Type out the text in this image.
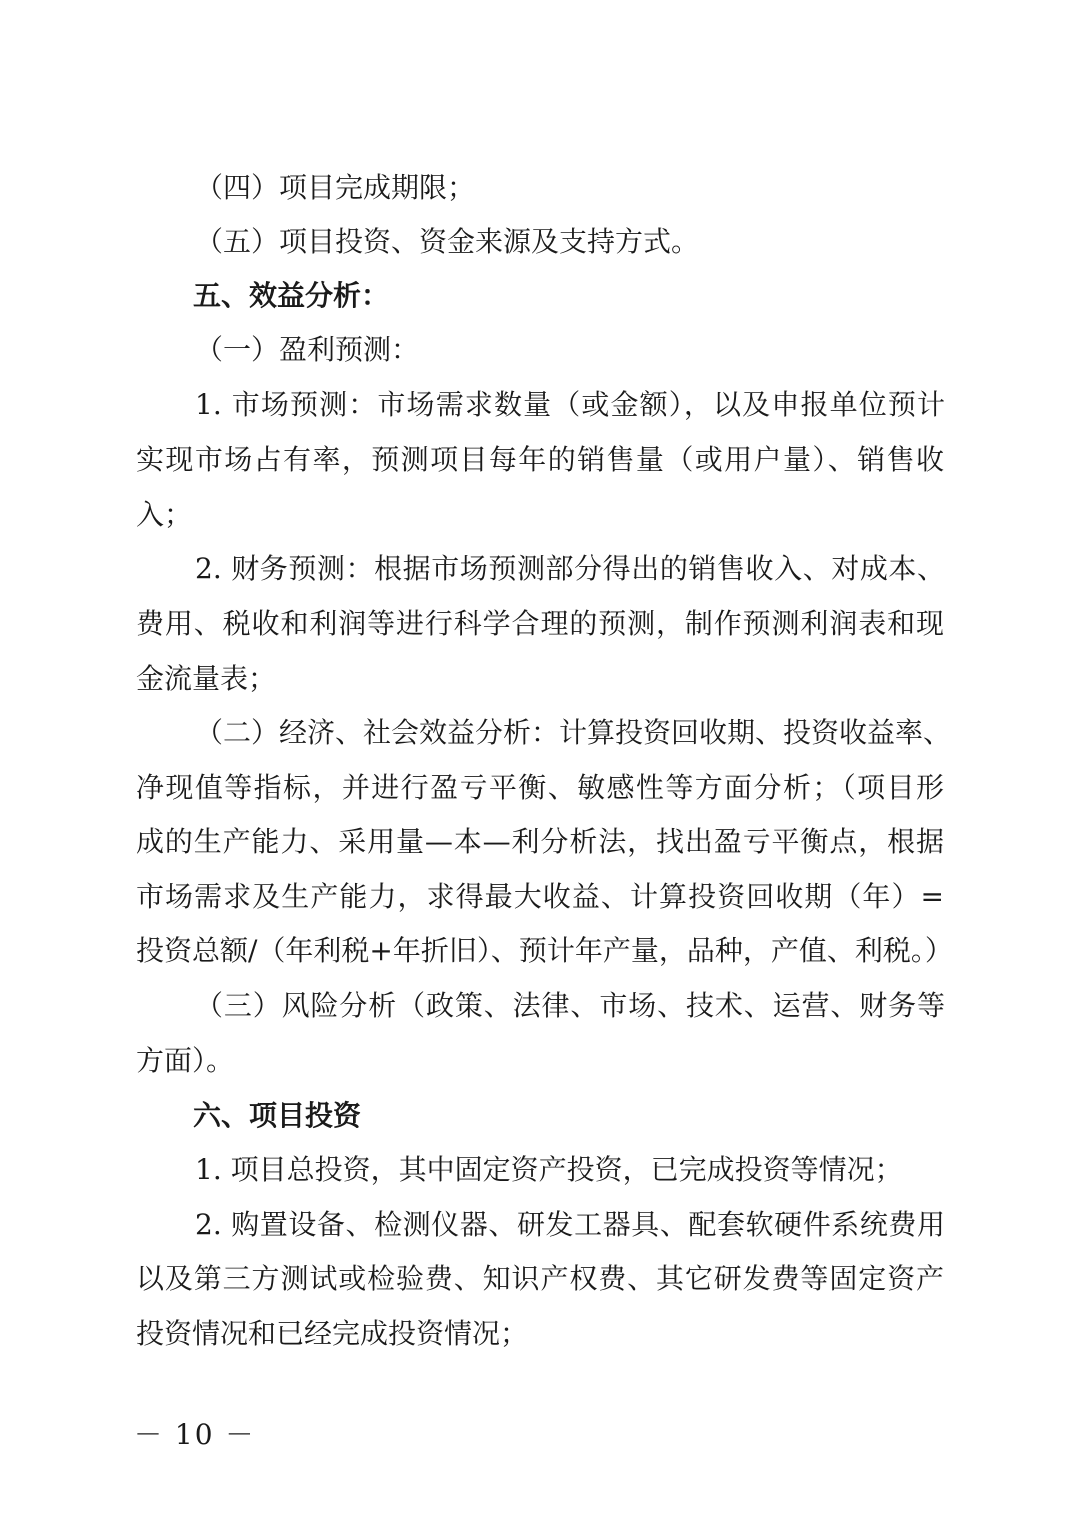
（四）项目完成期限；
（五）项目投资、资金来源及支持方式。
五、效益分析：
（一）盈利预测：
1. 市场预测：市场需求数量（或金额），以及申报单位预计
实现市场占有率，预测项目每年的销售量（或用户量）、销售收
入；
2. 财务预测：根据市场预测部分得出的销售收入、对成本、
费用、税收和利润等进行科学合理的预测，制作预测利润表和现
金流量表；
（二）经济、社会效益分析：计算投资回收期、投资收益率、
净现值等指标，并进行盈亏平衡、敏感性等方面分析；（项目形
成的生产能力、采用量—本—利分析法，找出盈亏平衡点，根据
市场需求及生产能力，求得最大收益、计算投资回收期（年）=
投资总额/（年利税+年折旧）、预计年产量，品种，产值、利税。）
（三）风险分析（政策、法律、市场、技术、运营、财务等
方面）。
六、项目投资
1. 项目总投资，其中固定资产投资，已完成投资等情况；
2. 购置设备、检测仪器、研发工器具、配套软硬件系统费用
以及第三方测试或检验费、知识产权费、其它研发费等固定资产
投资情况和已经完成投资情况；
－ 10 －
